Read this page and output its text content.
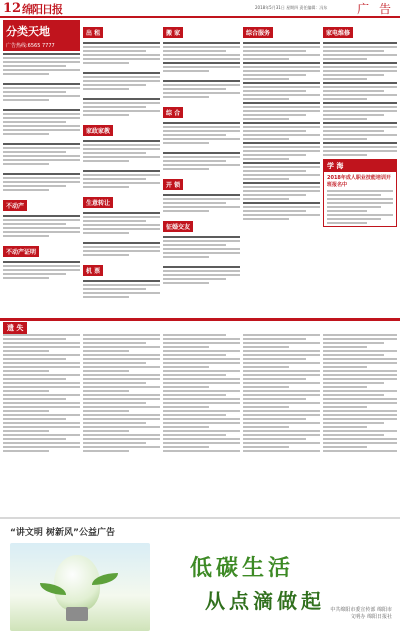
12 绵阳日报	2018年5月31日 星期四 责任编辑：冯东 广 告
分类天地
广告热线:6565 7777
不动产
不动产证明
出 租
家政家教
生意转让
机 票
搬 家
综 合
开 锁
征婚交友
综合服务	家电维修
学 海
2018年成人职业技能培训开班报名中
遗 失
“讲文明 树新风”公益广告
低碳生活
从点滴做起 中共绵阳市委宣传部 绵阳市文明办 绵阳日报社
